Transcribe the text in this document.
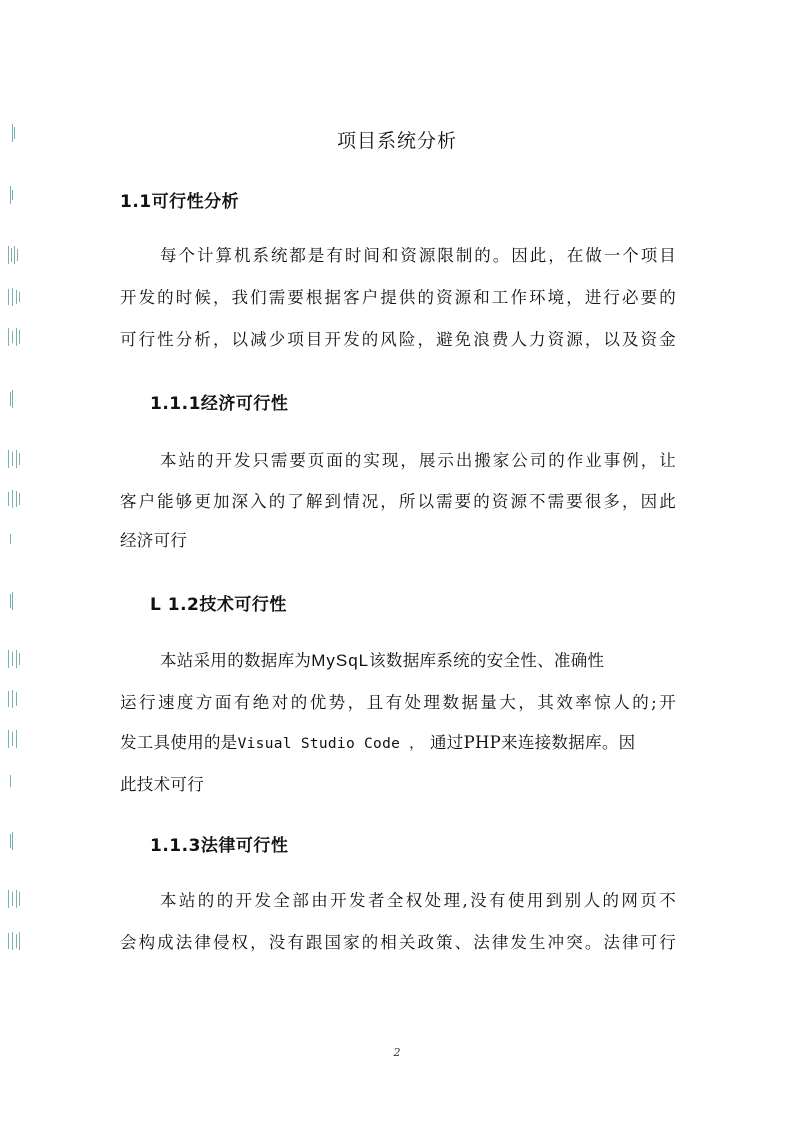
项目系统分析
1.1可行性分析
每个计算机系统都是有时间和资源限制的。因此，在做一个项目
开发的时候，我们需要根据客户提供的资源和工作环境，进行必要的
可行性分析，以减少项目开发的风险，避免浪费人力资源，以及资金
1.1.1经济可行性
本站的开发只需要页面的实现，展示出搬家公司的作业事例，让
客户能够更加深入的了解到情况，所以需要的资源不需要很多，因此
经济可行
L 1.2技术可行性
本站采用的数据库为MySqL该数据库系统的安全性、准确性
运行速度方面有绝对的优势，且有处理数据量大，其效率惊人的;开
发工具使用的是Visual Studio Code ， 通过PHP来连接数据库。因
此技术可行
1.1.3法律可行性
本站的的开发全部由开发者全权处理,没有使用到别人的网页不
会构成法律侵权，没有跟国家的相关政策、法律发生冲突。法律可行
2
